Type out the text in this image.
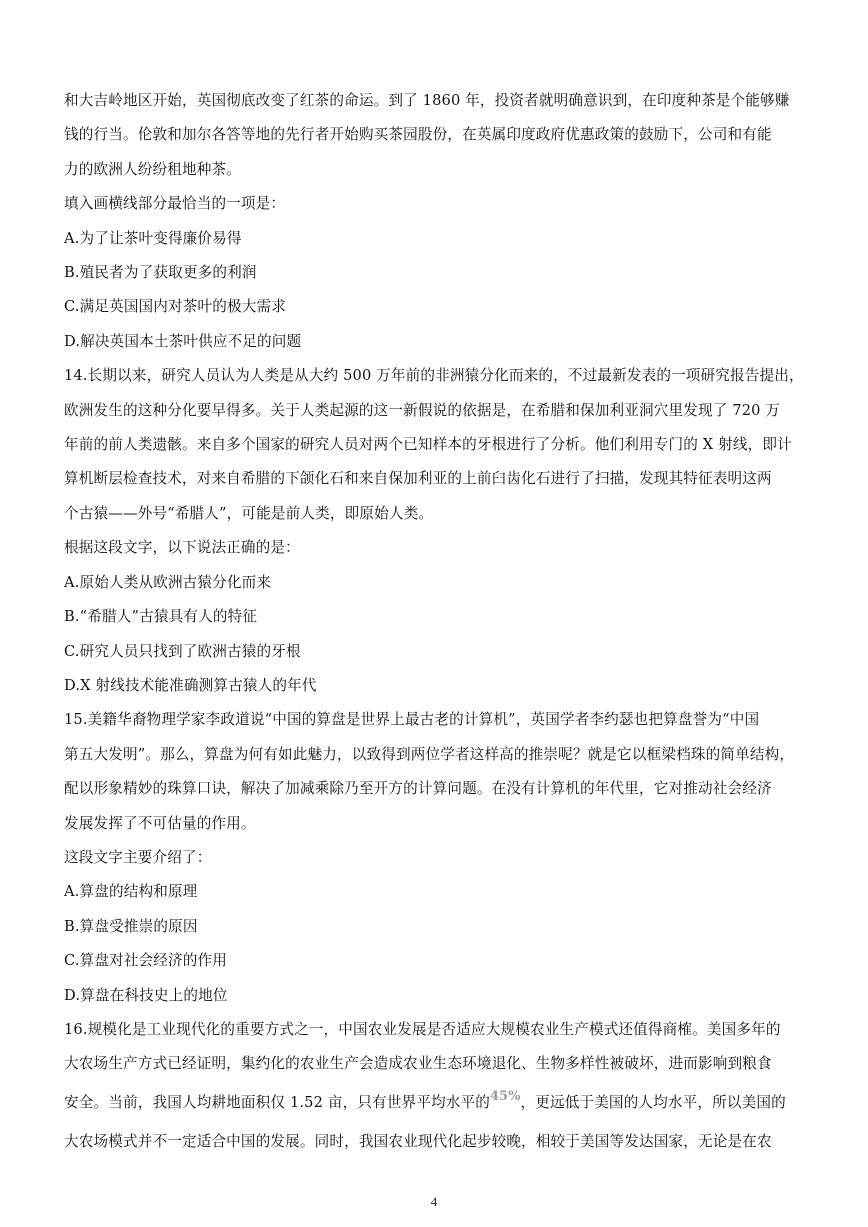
和大吉岭地区开始，英国彻底改变了红茶的命运。到了 1860 年，投资者就明确意识到，在印度种茶是个能够赚
钱的行当。伦敦和加尔各答等地的先行者开始购买茶园股份，在英属印度政府优惠政策的鼓励下，公司和有能
力的欧洲人纷纷租地种茶。
填入画横线部分最恰当的一项是：
A.为了让茶叶变得廉价易得
B.殖民者为了获取更多的利润
C.满足英国国内对茶叶的极大需求
D.解决英国本土茶叶供应不足的问题
14.长期以来，研究人员认为人类是从大约 500 万年前的非洲猿分化而来的，不过最新发表的一项研究报告提出，
欧洲发生的这种分化要早得多。关于人类起源的这一新假说的依据是，在希腊和保加利亚洞穴里发现了 720 万
年前的前人类遗骸。来自多个国家的研究人员对两个已知样本的牙根进行了分析。他们利用专门的 X 射线，即计
算机断层检查技术，对来自希腊的下颌化石和来自保加利亚的上前臼齿化石进行了扫描，发现其特征表明这两
个古猿——外号“希腊人”，可能是前人类，即原始人类。
根据这段文字，以下说法正确的是：
A.原始人类从欧洲古猿分化而来
B.“希腊人”古猿具有人的特征
C.研究人员只找到了欧洲古猿的牙根
D.X 射线技术能准确测算古猿人的年代
15.美籍华裔物理学家李政道说“中国的算盘是世界上最古老的计算机”，英国学者李约瑟也把算盘誉为“中国
第五大发明”。那么，算盘为何有如此魅力，以致得到两位学者这样高的推崇呢？就是它以框梁档珠的简单结构，
配以形象精妙的珠算口诀，解决了加减乘除乃至开方的计算问题。在没有计算机的年代里，它对推动社会经济
发展发挥了不可估量的作用。
这段文字主要介绍了：
A.算盘的结构和原理
B.算盘受推崇的原因
C.算盘对社会经济的作用
D.算盘在科技史上的地位
16.规模化是工业现代化的重要方式之一，中国农业发展是否适应大规模农业生产模式还值得商榷。美国多年的
大农场生产方式已经证明，集约化的农业生产会造成农业生态环境退化、生物多样性被破坏，进而影响到粮食
安全。当前，我国人均耕地面积仅 1.52 亩，只有世界平均水平的45%，更远低于美国的人均水平，所以美国的
大农场模式并不一定适合中国的发展。同时，我国农业现代化起步较晚，相较于美国等发达国家，无论是在农
4
